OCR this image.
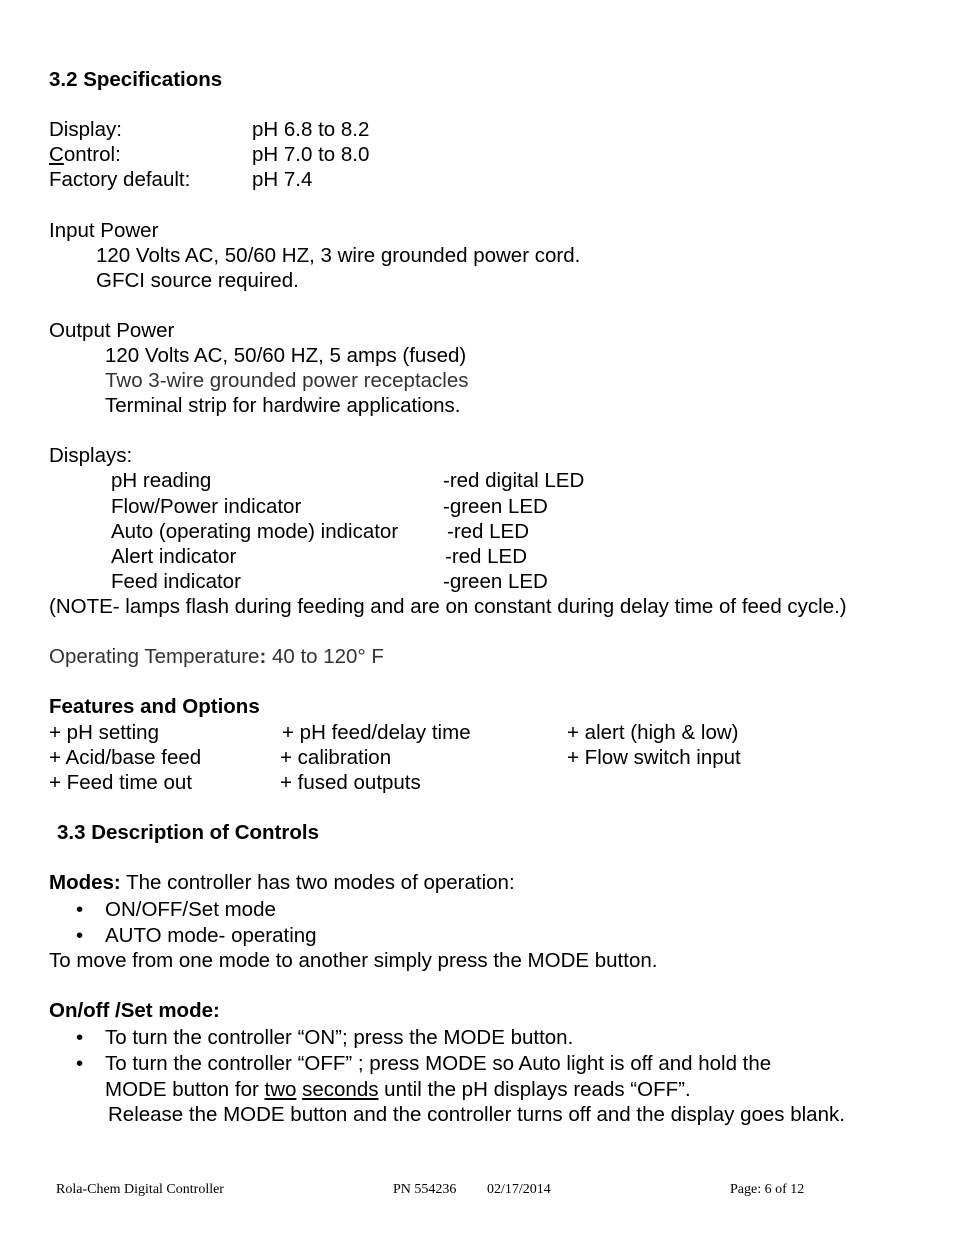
3.2 Specifications
Display:	pH 6.8 to 8.2
Control:	pH 7.0 to 8.0
Factory default:	pH 7.4
Input Power
120 Volts AC, 50/60 HZ, 3 wire grounded power cord.
GFCI source required.
Output Power
120 Volts AC, 50/60 HZ, 5 amps (fused)
Two 3-wire grounded power receptacles
Terminal strip for hardwire applications.
Displays:
pH reading	-red digital LED
Flow/Power indicator	-green LED
Auto (operating mode) indicator -red LED
Alert indicator	-red LED
Feed indicator	-green LED
(NOTE- lamps flash during feeding and are on constant during delay time of feed cycle.)
Operating Temperature: 40 to 120° F
Features and Options
+ pH setting	+ pH feed/delay time	+ alert (high & low)
+ Acid/base feed	+ calibration	+ Flow switch input
+ Feed time out	+ fused outputs
3.3 Description of Controls
Modes: The controller has two modes of operation:
• ON/OFF/Set mode
• AUTO mode- operating
To move from one mode to another simply press the MODE button.
On/off /Set mode:
• To turn the controller “ON”; press the MODE button.
• To turn the controller “OFF” ; press MODE so Auto light is off and hold the
MODE button for two seconds until the pH displays reads “OFF”.
Release the MODE button and the controller turns off and the display goes blank.
Rola-Chem Digital Controller	PN 554236 02/17/2014	Page: 6 of 12
